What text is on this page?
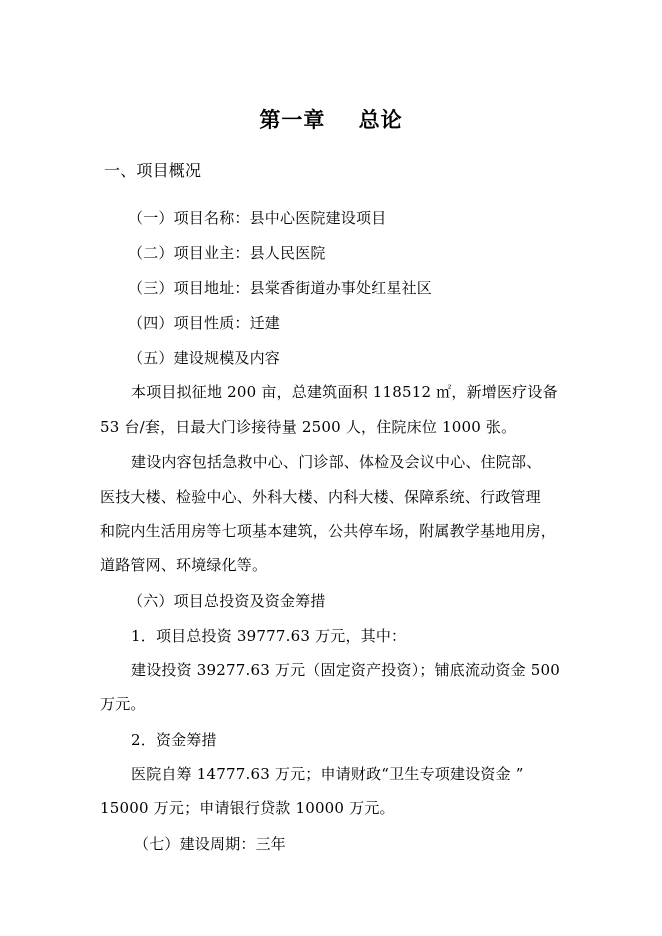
第一章    总论
一、项目概况
（一）项目名称：县中心医院建设项目
（二）项目业主：县人民医院
（三）项目地址：县棠香街道办事处红星社区
（四）项目性质：迁建
（五）建设规模及内容
本项目拟征地 200 亩，总建筑面积 118512 ㎡，新增医疗设备
53 台/套，日最大门诊接待量 2500 人，住院床位 1000 张。
建设内容包括急救中心、门诊部、体检及会议中心、住院部、
医技大楼、检验中心、外科大楼、内科大楼、保障系统、行政管理
和院内生活用房等七项基本建筑，公共停车场，附属教学基地用房，
道路管网、环境绿化等。
（六）项目总投资及资金筹措
1．项目总投资 39777.63 万元，其中：
建设投资 39277.63 万元（固定资产投资）；铺底流动资金 500
万元。
2．资金筹措
医院自筹 14777.63 万元；申请财政“卫生专项建设资金 ”
15000 万元；申请银行贷款 10000 万元。
（七）建设周期：三年
